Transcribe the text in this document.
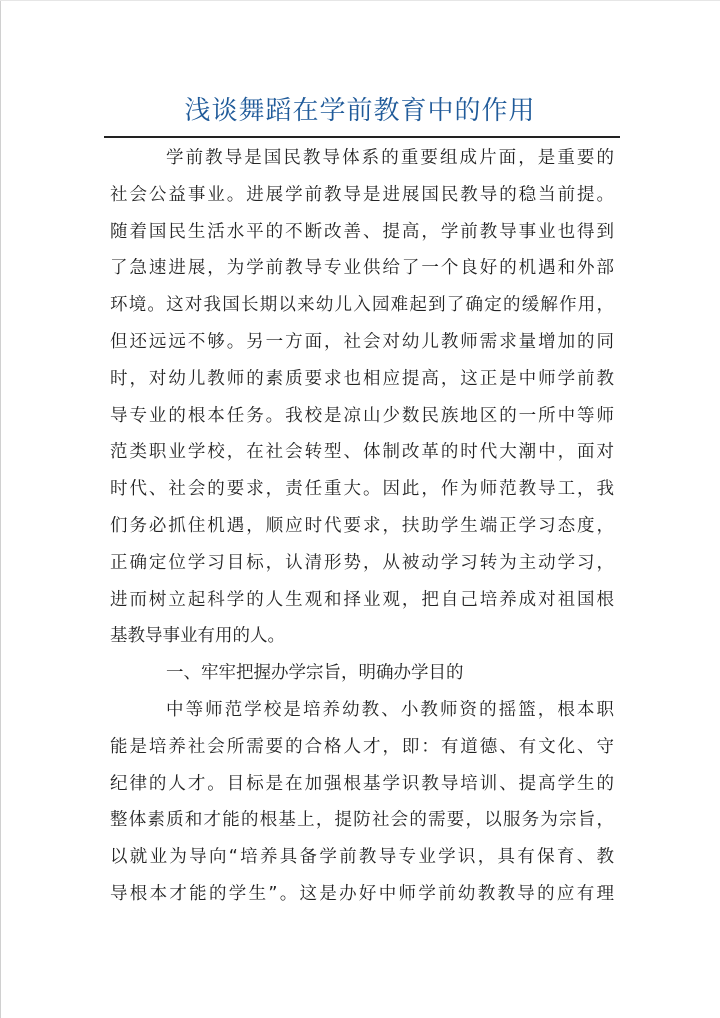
浅谈舞蹈在学前教育中的作用
学前教导是国民教导体系的重要组成片面，是重要的
社会公益事业。进展学前教导是进展国民教导的稳当前提。
随着国民生活水平的不断改善、提高，学前教导事业也得到
了急速进展，为学前教导专业供给了一个良好的机遇和外部
环境。这对我国长期以来幼儿入园难起到了确定的缓解作用，
但还远远不够。另一方面，社会对幼儿教师需求量增加的同
时，对幼儿教师的素质要求也相应提高，这正是中师学前教
导专业的根本任务。我校是凉山少数民族地区的一所中等师
范类职业学校，在社会转型、体制改革的时代大潮中，面对
时代、社会的要求，责任重大。因此，作为师范教导工，我
们务必抓住机遇，顺应时代要求，扶助学生端正学习态度，
正确定位学习目标，认清形势，从被动学习转为主动学习，
进而树立起科学的人生观和择业观，把自己培养成对祖国根
基教导事业有用的人。
一、牢牢把握办学宗旨，明确办学目的
中等师范学校是培养幼教、小教师资的摇篮，根本职
能是培养社会所需要的合格人才，即：有道德、有文化、守
纪律的人才。目标是在加强根基学识教导培训、提高学生的
整体素质和才能的根基上，提防社会的需要，以服务为宗旨，
以就业为导向“培养具备学前教导专业学识，具有保育、教
导根本才能的学生”。这是办好中师学前幼教教导的应有理
